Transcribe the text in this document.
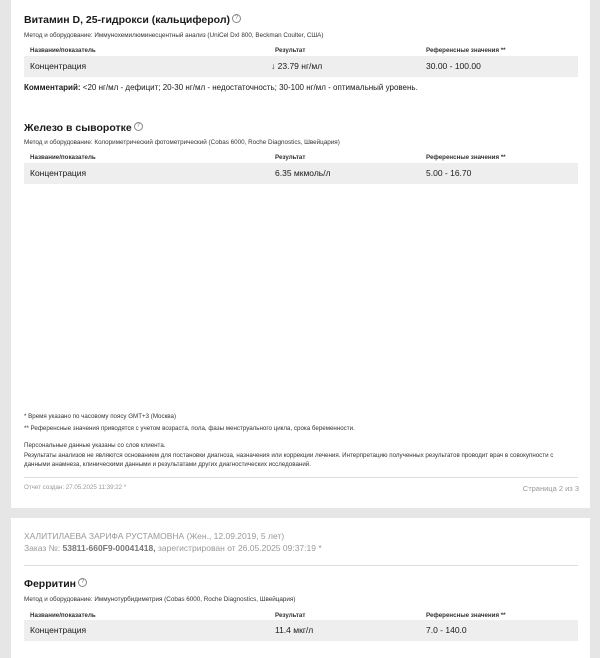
Витамин D, 25-гидрокси (кальциферол) ?
Метод и оборудование: Иммунохемилюминесцентный анализ (UniCel DxI 800, Beckman Coulter, США)
Название/показатель	Результат	Референсные значения **
Концентрация	↓ 23.79 нг/мл	30.00 - 100.00
Комментарий: <20 нг/мл - дефицит; 20-30 нг/мл - недостаточность; 30-100 нг/мл - оптимальный уровень.
Железо в сыворотке ?
Метод и оборудование: Колориметрический фотометрический (Cobas 6000, Roche Diagnostics, Швейцария)
Название/показатель	Результат	Референсные значения **
Концентрация	6.35 мкмоль/л	5.00 - 16.70
* Время указано по часовому поясу GMT+3 (Москва)
** Референсные значения приводятся с учетом возраста, пола, фазы менструального цикла, срока беременности.
Персональные данные указаны со слов клиента.
Результаты анализов не являются основанием для постановки диагноза, назначения или коррекции лечения. Интерпретацию полученных результатов проводит врач в совокупности с данными анамнеза, клиническими данными и результатами других диагностических исследований.
Отчет создан: 27.05.2025 11:39:22 *	Страница 2 из 3
ХАЛИТИЛАЕВА ЗАРИФА РУСТАМОВНА (Жен., 12.09.2019, 5 лет)
Заказ №: 53811-660F9-00041418, зарегистрирован от 26.05.2025 09:37:19 *
Ферритин ?
Метод и оборудование: Иммунотурбидиметрия (Cobas 6000, Roche Diagnostics, Швейцария)
Название/показатель	Результат	Референсные значения **
Концентрация	11.4 мкг/л	7.0 - 140.0
